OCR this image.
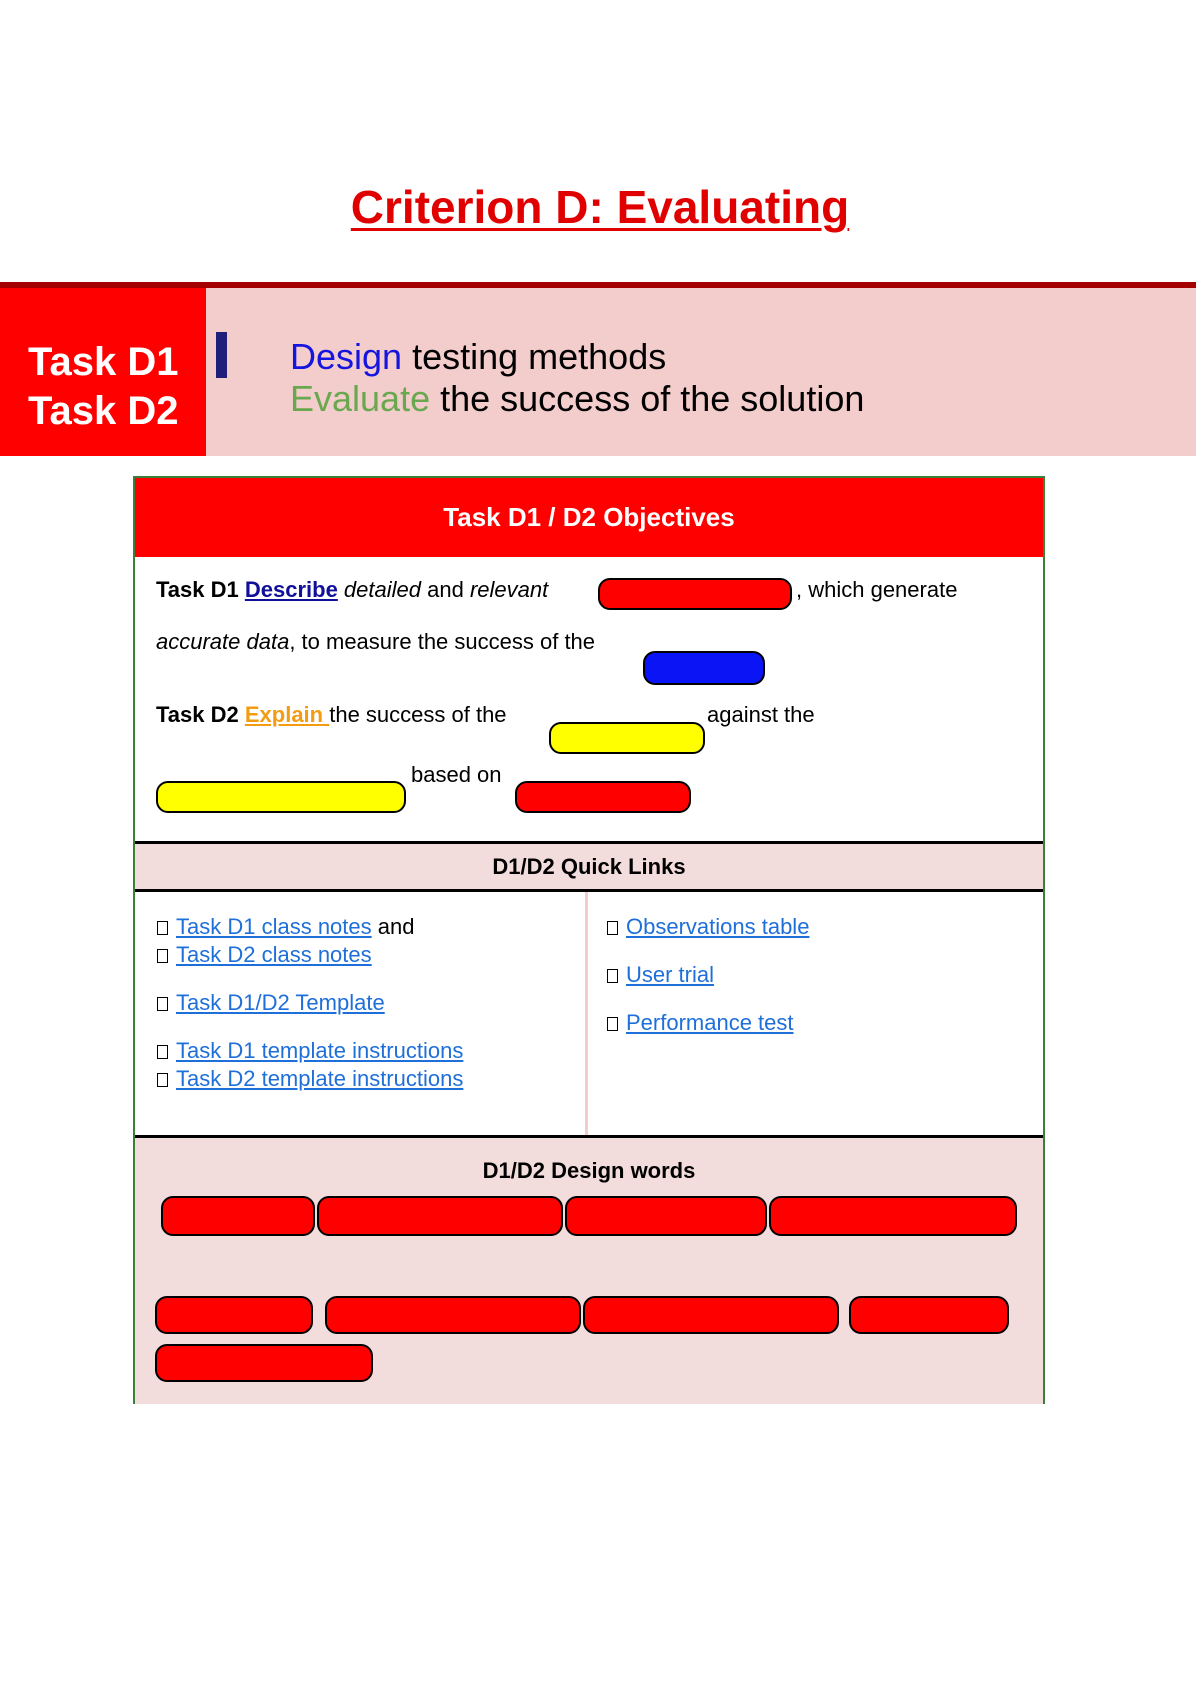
Criterion D: Evaluating
Task D1
Task D2
Design testing methods
Evaluate the success of the solution
Task D1 / D2 Objectives
Task D1 Describe detailed and relevant	, which generate
accurate data, to measure the success of the
Task D2 Explain the success of the	against the
based on
D1/D2 Quick Links
Task D1 class notes and
Task D2 class notes
Task D1/D2 Template
Task D1 template instructions
Task D2 template instructions
Observations table
User trial
Performance test
D1/D2 Design words
